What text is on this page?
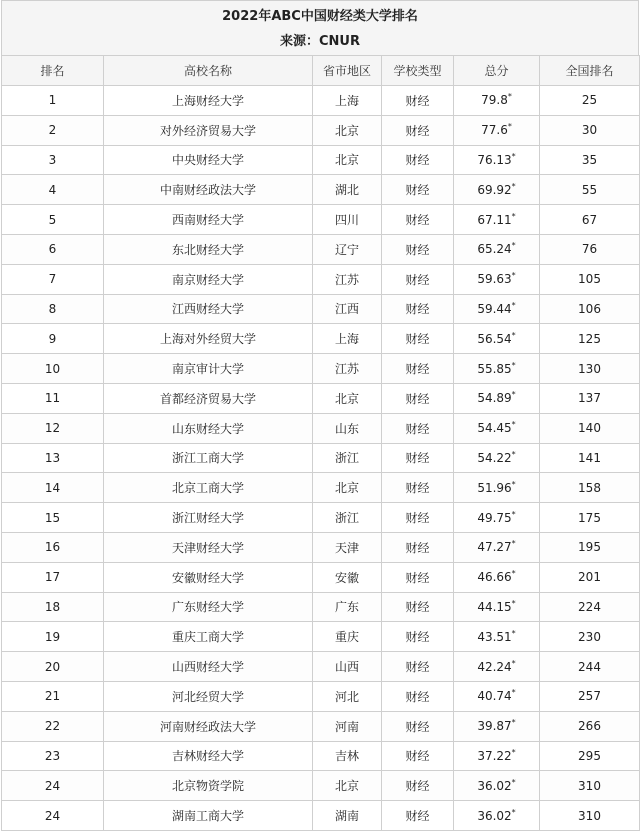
2022年ABC中国财经类大学排名
来源：CNUR
排名	高校名称	省市地区	学校类型	总分	全国排名
1	上海财经大学	上海	财经	79.8*	25
2	对外经济贸易大学	北京	财经	77.6*	30
3	中央财经大学	北京	财经	76.13*	35
4	中南财经政法大学	湖北	财经	69.92*	55
5	西南财经大学	四川	财经	67.11*	67
6	东北财经大学	辽宁	财经	65.24*	76
7	南京财经大学	江苏	财经	59.63*	105
8	江西财经大学	江西	财经	59.44*	106
9	上海对外经贸大学	上海	财经	56.54*	125
10	南京审计大学	江苏	财经	55.85*	130
11	首都经济贸易大学	北京	财经	54.89*	137
12	山东财经大学	山东	财经	54.45*	140
13	浙江工商大学	浙江	财经	54.22*	141
14	北京工商大学	北京	财经	51.96*	158
15	浙江财经大学	浙江	财经	49.75*	175
16	天津财经大学	天津	财经	47.27*	195
17	安徽财经大学	安徽	财经	46.66*	201
18	广东财经大学	广东	财经	44.15*	224
19	重庆工商大学	重庆	财经	43.51*	230
20	山西财经大学	山西	财经	42.24*	244
21	河北经贸大学	河北	财经	40.74*	257
22	河南财经政法大学	河南	财经	39.87*	266
23	吉林财经大学	吉林	财经	37.22*	295
24	北京物资学院	北京	财经	36.02*	310
24	湖南工商大学	湖南	财经	36.02*	310
